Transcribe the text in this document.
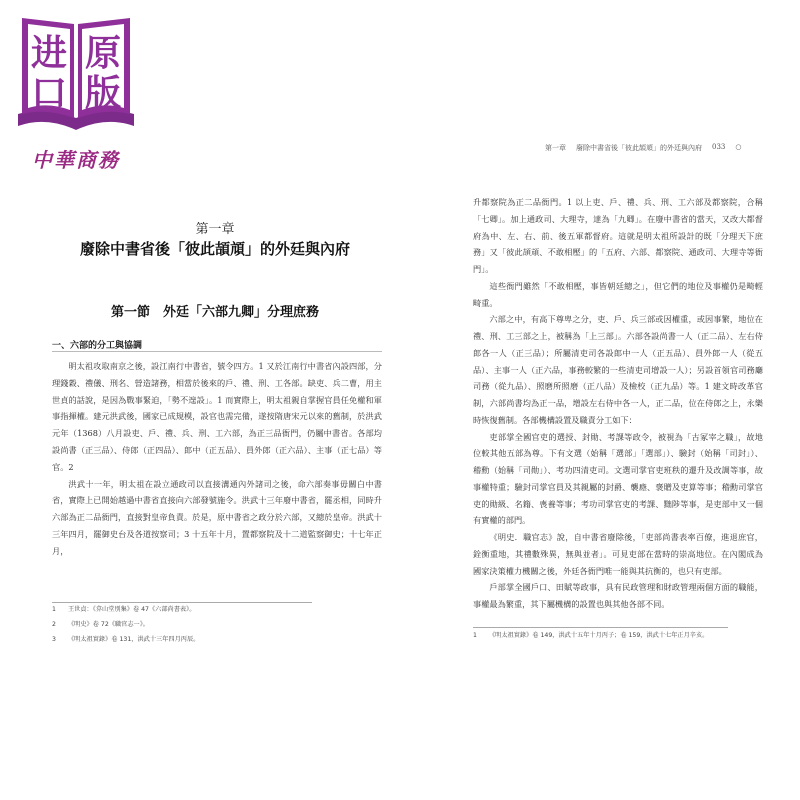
进 原
口 版
中華商務	第一章 廢除中書省後「彼此頡頏」的外廷與內府 033 ○
第一章
廢除中書省後「彼此頡頏」的外廷與內府
第一節　外廷「六部九卿」分理庶務
一、六部的分工與協調

明太祖攻取南京之後，設江南行中書省，號令四方。1 又於江南行中書省內設四部，分理錢穀、禮儀、刑名、營造諸務，相當於後來的戶、禮、刑、工各部。缺吏、兵二曹，用主世貞的話說，是因為戰事緊迫，「勢不遑設」。1 而實際上，明太祖親自掌握官員任免權和軍事指揮權。建元洪武後，國家已成規模，設官也需完備，遂按隋唐宋元以來的舊制，於洪武元年（1368）八月設吏、戶、禮、兵、刑、工六部，為正三品衙門，仍屬中書省。各部均設尚書（正三品）、侍郎（正四品）、郎中（正五品）、員外郎（正六品）、主事（正七品）等官。2

洪武十一年，明太祖在設立通政司以直接溝通內外諸司之後，命六部奏事毋關白中書省，實際上已開始越過中書省直接向六部發號施令。洪武十三年廢中書省，罷丞相，同時升六部為正二品衙門，直接對皇帝負責。於是，原中書省之政分於六部，又總於皇帝。洪武十三年四月，罷御史台及各道按察司；3 十五年十月，置都察院及十二道監察御史；十七年正月，

1	王世貞：《弇山堂別集》卷 47《六部尚書表》。
2	《明史》卷 72《職官志一》。
3	《明太祖實錄》卷 131，洪武十三年四月丙辰。

升都察院為正二品衙門。1 以上吏、戶、禮、兵、刑、工六部及都察院，合稱「七卿」。加上通政司、大理寺，達為「九卿」。在廢中書省的當天，又改大都督府為中、左、右、前、後五軍都督府。這就是明太祖所設計的既「分理天下庶務」又「彼此頡頏、不敢相壓」的「五府、六部、都察院、通政司、大理寺等衙門」。

這些衙門雖然「不敢相壓，事皆朝廷總之」，但它們的地位及事權仍是畸輕畸重。

六部之中，有高下尊卑之分，吏、戶、兵三部或因權重，或因事繁，地位在禮、刑、工三部之上，被稱為「上三部」。六部各設尚書一人（正二品）、左右侍郎各一人（正三品）；所屬清吏司各設郎中一人（正五品）、員外郎一人（從五品）、主事一人（正六品，事務較繁的一些清吏司增設一人）；另設首領官司務廳司務（從九品）、照磨所照磨（正八品）及檢校（正九品）等。1 建文時改革官制，六部尚書均為正一品，增設左右侍中各一人，正二品，位在侍郎之上，永樂時恢復舊制。各部機構設置及職責分工如下：

吏部掌全國官吏的選授、封勛、考課等政令，被視為「古冢宰之職」，故地位較其他五部為尊。下有文選（始稱「選部」「選部」）、驗封（始稱「司封」）、稽勳（始稱「司勛」）、考功四清吏司。文選司掌官吏班秩的遷升及改調等事，故事權特重；驗封司掌官員及其親屬的封爵、襲廕、褒贈及吏算等事；稽勳司掌官吏的勛級、名籍、喪養等事；考功司掌官吏的考課、黜陟等事，是吏部中又一個有實權的部門。

《明史．職官志》說，自中書省廢除後，「吏部尚書表率百僚，進退庶官，銓衡重地，其禮數殊異，無與並者」。可見吏部在當時的崇高地位。在內閣成為國家決策權力機關之後，外廷各衙門唯一能與其抗衡的，也只有吏部。

戶部掌全國戶口、田賦等政事，具有民政管理和財政管理兩個方面的職能，事權最為繁重，其下屬機構的設置也與其他各部不同。

1	《明太祖實錄》卷 149，洪武十五年十月丙子；卷 159，洪武十七年正月辛亥。
